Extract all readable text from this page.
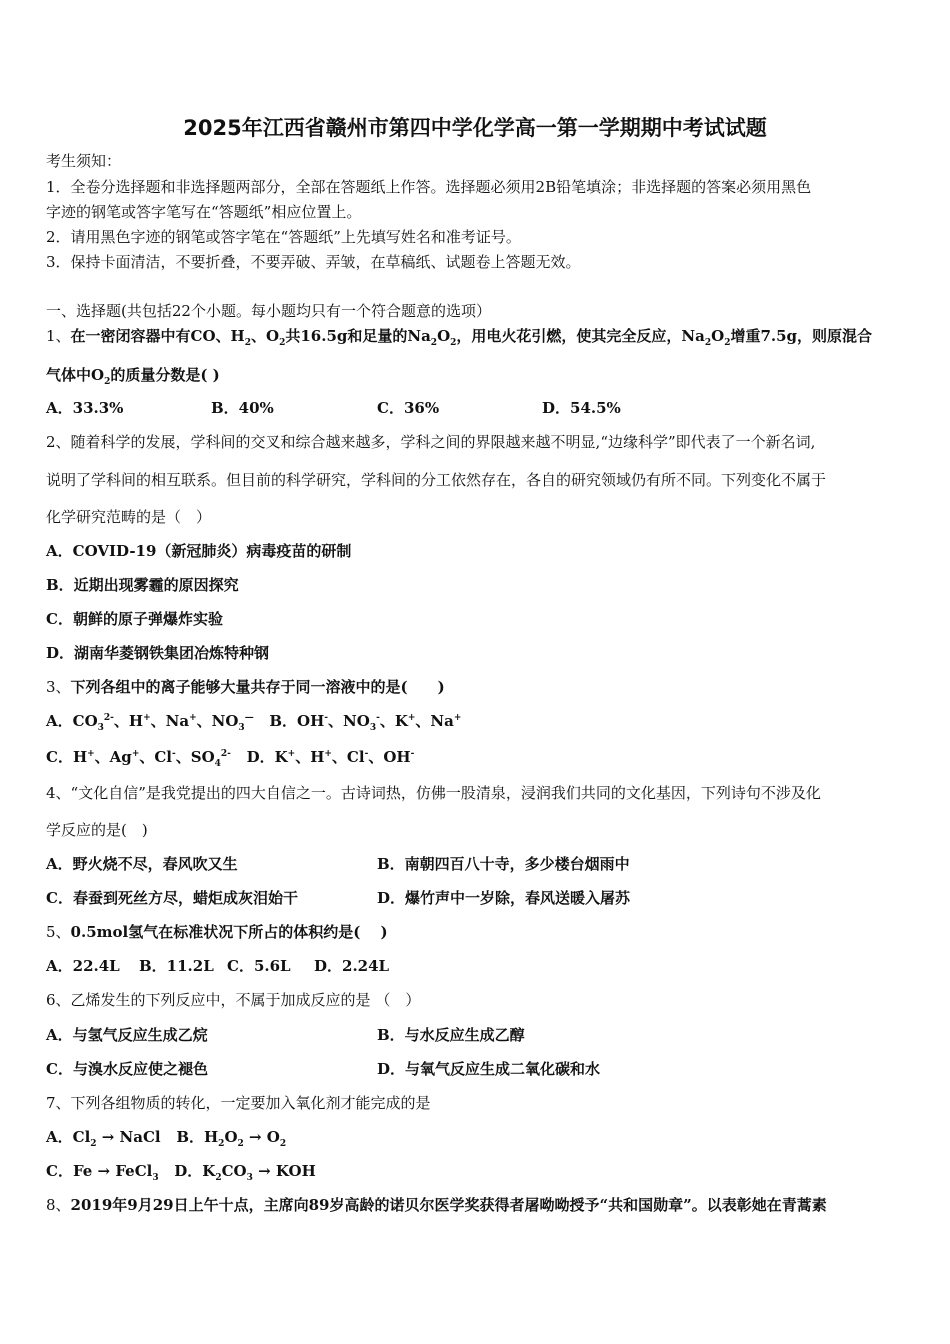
2025年江西省赣州市第四中学化学高一第一学期期中考试试题
考生须知：
1．全卷分选择题和非选择题两部分，全部在答题纸上作答。选择题必须用2B铅笔填涂；非选择题的答案必须用黑色
字迹的钢笔或答字笔写在“答题纸”相应位置上。
2．请用黑色字迹的钢笔或答字笔在“答题纸”上先填写姓名和准考证号。
3．保持卡面清洁，不要折叠，不要弄破、弄皱，在草稿纸、试题卷上答题无效。
一、选择题(共包括22个小题。每小题均只有一个符合题意的选项）
1、在一密闭容器中有CO、$H_2$、$O_2$共16.5g和足量的$Na_2O_2$，用电火花引燃，使其完全反应，$Na_2O_2$增重7.5g，则原混合
气体中$O_2$的质量分数是( )
A．33.3%	B．40%	C．36%	D．54.5%
2、随着科学的发展，学科间的交叉和综合越来越多，学科之间的界限越来越不明显,“边缘科学”即代表了一个新名词,
说明了学科间的相互联系。但目前的科学研究，学科间的分工依然存在，各自的研究领域仍有所不同。下列变化不属于
化学研究范畴的是（　）
A．COVID-19（新冠肺炎）病毒疫苗的研制
B．近期出现雾霾的原因探究
C．朝鲜的原子弹爆炸实验
D．湖南华菱钢铁集团冶炼特种钢
3、下列各组中的离子能够大量共存于同一溶液中的是(　　)
A．$CO_3^{2-}$、H+、Na+、$NO_3^—$ B．OH-、$NO_3^-$、K+、Na+
C．H+、Ag+、Cl-、$SO_4^{2-}$ D．K+、H+、Cl-、OH-
4、“文化自信”是我党提出的四大自信之一。古诗词热，仿佛一股清泉，浸润我们共同的文化基因，下列诗句不涉及化
学反应的是(　)
A．野火烧不尽，春风吹又生	B．南朝四百八十寺，多少楼台烟雨中
C．春蚕到死丝方尽，蜡炬成灰泪始干	D．爆竹声中一岁除，春风送暖入屠苏
5、0.5mol氢气在标准状况下所占的体积约是(　 )
A．22.4L B．11.2L C．5.6L D．2.24L
6、乙烯发生的下列反应中，不属于加成反应的是 （　）
A．与氢气反应生成乙烷	B．与水反应生成乙醇
C．与溴水反应使之褪色	D．与氧气反应生成二氧化碳和水
7、下列各组物质的转化，一定要加入氧化剂才能完成的是
A．$Cl_2$ → NaCl B．$H_2O_2 \to O_2$
C．Fe → FeCl$_3$ D．$K_2CO_3$ → KOH
8、2019年9月29日上午十点，主席向89岁高龄的诺贝尔医学奖获得者屠呦呦授予“共和国勋章”。以表彰她在青蒿素
